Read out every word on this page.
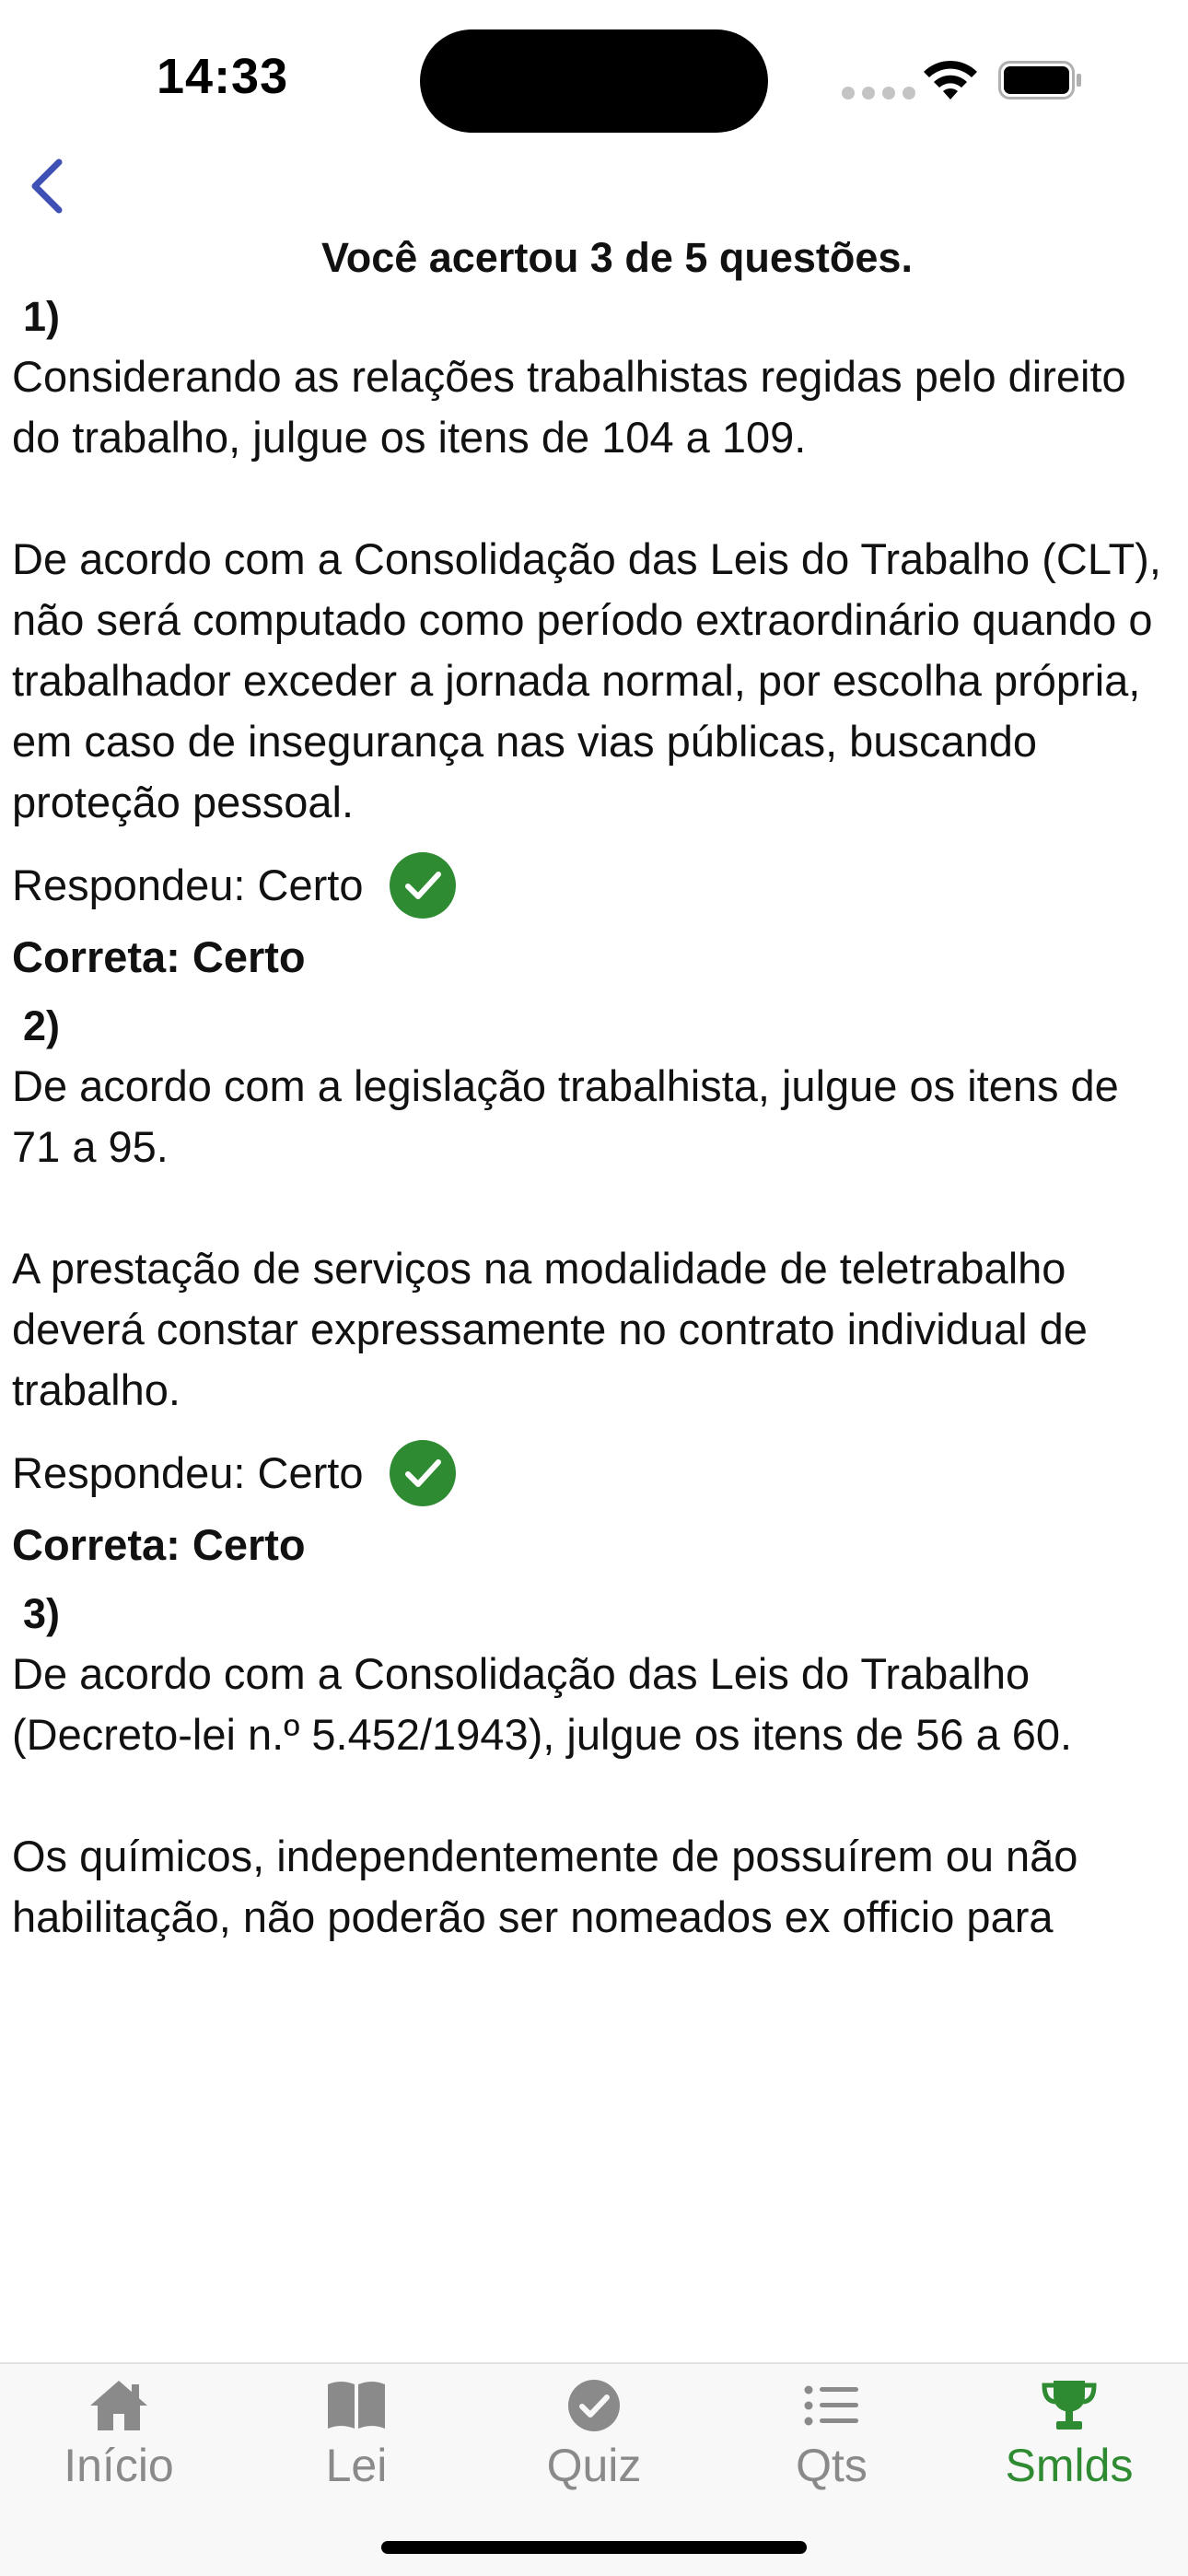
14:33
Você acertou 3 de 5 questões.
1)

Considerando as relações trabalhistas regidas pelo direito do trabalho, julgue os itens de 104 a 109.

De acordo com a Consolidação das Leis do Trabalho (CLT), não será computado como período extraordinário quando o trabalhador exceder a jornada normal, por escolha própria, em caso de insegurança nas vias públicas, buscando proteção pessoal.

Respondeu: Certo
Correta: Certo
2)

De acordo com a legislação trabalhista, julgue os itens de 71 a 95.

A prestação de serviços na modalidade de teletrabalho deverá constar expressamente no contrato individual de trabalho.

Respondeu: Certo
Correta: Certo
3)

De acordo com a Consolidação das Leis do Trabalho (Decreto-lei n.º 5.452/1943), julgue os itens de 56 a 60.

Os químicos, independentemente de possuírem ou não habilitação, não poderão ser nomeados ex officio para

Início	Lei	Quiz	Qts	Smlds
